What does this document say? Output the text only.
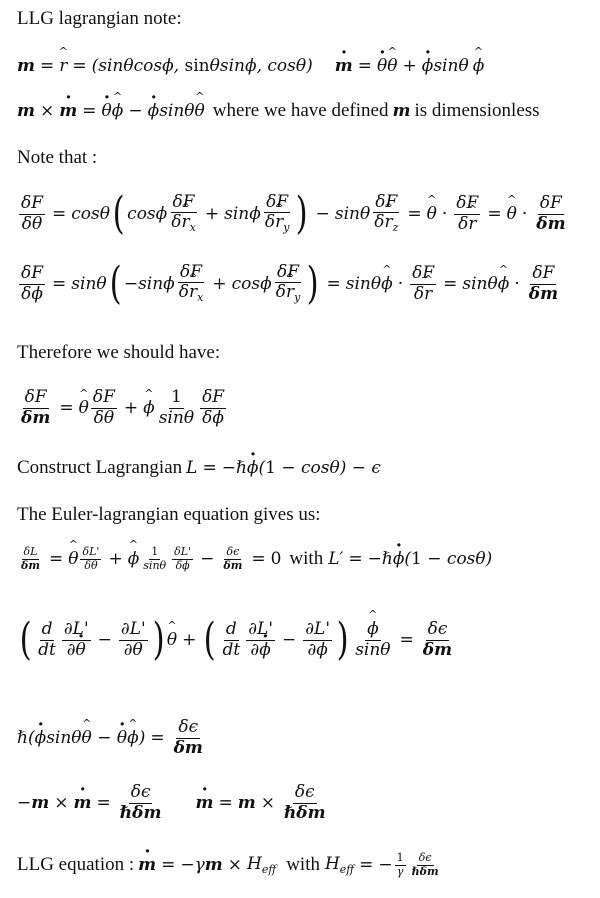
LLG lagrangian note:
m = ^ r = (sinθcosϕ, sinθsinϕ, cosθ) · m = · θ ^ θ + · ϕ sinθ
^ ϕ
m × · m = · θ ^ ϕ − · ϕ sinθ ^ θ where we have defined m is dimensionless
Note that :
$\frac{\delta F}{\delta\theta} = \cos\theta$ ( cosϕ $\frac{\delta F}{\delta\^{} r_x} + \sin\phi \frac{\delta F}{\delta\^{} r_y}$ ) − sinθ $\frac{\delta F}{\delta\^{} r_z}$ = ^ $\theta \cdot \frac{\delta F}{\delta\^{} r}$ = ^ $\theta \cdot \frac{\delta F}{\delta m}$
$\frac{\delta F}{\delta\phi} = \sin\theta$ ( $-\sin\phi \frac{\delta F}{\delta\^{} r_x} + \cos\phi \frac{\delta F}{\delta\^{} r_y}$ ) = sinθ ^ $\phi \cdot \frac{\delta F}{\delta\^{} r} = \sin\theta$ ^ $\phi \cdot \frac{\delta F}{\delta m}$
Therefore we should have:
$\frac{\delta F}{\delta m}$ = ^ θ $\frac{\delta F}{\delta\theta}$ + ^ ϕ $\frac{1}{\sin\theta} \frac{\delta F}{\delta\phi}$
Construct Lagrangian
L = −ℏ· ϕ(1 − cosθ) − ϵ
The Euler-lagrangian equation gives us:
$\frac{\delta L}{\delta m}$ = ^ θ $\frac{\delta L'}{\delta\theta}$ + ^ ϕ $\frac{1}{\sin\theta} \frac{\delta L'}{\delta\phi} - \frac{\delta\epsilon}{\delta m} = 0$ with L′ = −ℏ· ϕ(1 − cosθ)
( $\frac{d}{dt} \frac{\partial L'}{\partial\cdot \theta} - \frac{\partial L'}{\partial\theta}$ ) ^ θ + ( $\frac{d}{dt} \frac{\partial L'}{\partial\cdot \phi} - \frac{\partial L'}{\partial\phi}$ ) ^ $\frac{\phi}{\sin\theta} = \frac{\delta\epsilon}{\delta m}$
ℏ(· ϕsinθ^ θ − · θ^ $\phi) = \frac{\delta\epsilon}{\delta m}$
−m × · $m = \frac{\delta\epsilon}{\text{ℏδm}} \cdot m = m \times \frac{\delta\epsilon}{\text{ℏδm}}$
LLG equation :
· $m = -\gamma m \times H_{eff}$ with $H_{eff}$ = − $\frac{1}{\gamma} \frac{\delta\epsilon}{\text{ℏδm}}$
